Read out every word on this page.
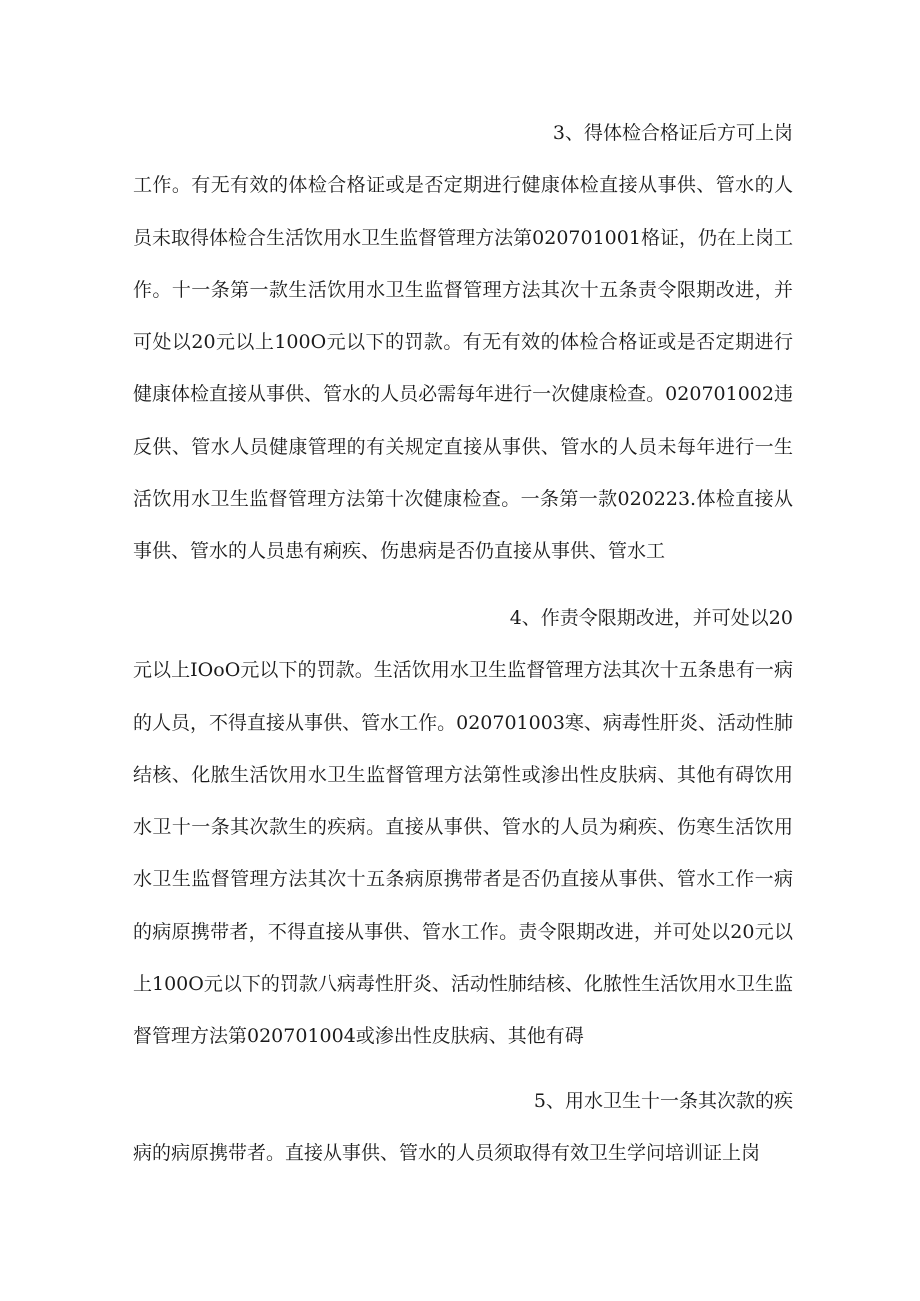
3、得体检合格证后方可上岗

工作。有无有效的体检合格证或是否定期进行健康体检直接从事供、管水的人员未取得体检合生活饮用水卫生监督管理方法第020701001格证，仍在上岗工作。十一条第一款生活饮用水卫生监督管理方法其次十五条责令限期改进，并可处以20元以上100O元以下的罚款。有无有效的体检合格证或是否定期进行健康体检直接从事供、管水的人员必需每年进行一次健康检查。020701002违反供、管水人员健康管理的有关规定直接从事供、管水的人员未每年进行一生活饮用水卫生监督管理方法第十次健康检查。一条第一款020223.体检直接从事供、管水的人员患有痢疾、伤患病是否仍直接从事供、管水工

4、作责令限期改进，并可处以20

元以上IOoO元以下的罚款。生活饮用水卫生监督管理方法其次十五条患有一病的人员，不得直接从事供、管水工作。020701003寒、病毒性肝炎、活动性肺结核、化脓生活饮用水卫生监督管理方法第性或渗出性皮肤病、其他有碍饮用水卫十一条其次款生的疾病。直接从事供、管水的人员为痢疾、伤寒生活饮用水卫生监督管理方法其次十五条病原携带者是否仍直接从事供、管水工作一病的病原携带者，不得直接从事供、管水工作。责令限期改进，并可处以20元以上100O元以下的罚款八病毒性肝炎、活动性肺结核、化脓性生活饮用水卫生监督管理方法第020701004或渗出性皮肤病、其他有碍

5、用水卫生十一条其次款的疾

病的病原携带者。直接从事供、管水的人员须取得有效卫生学问培训证上岗
